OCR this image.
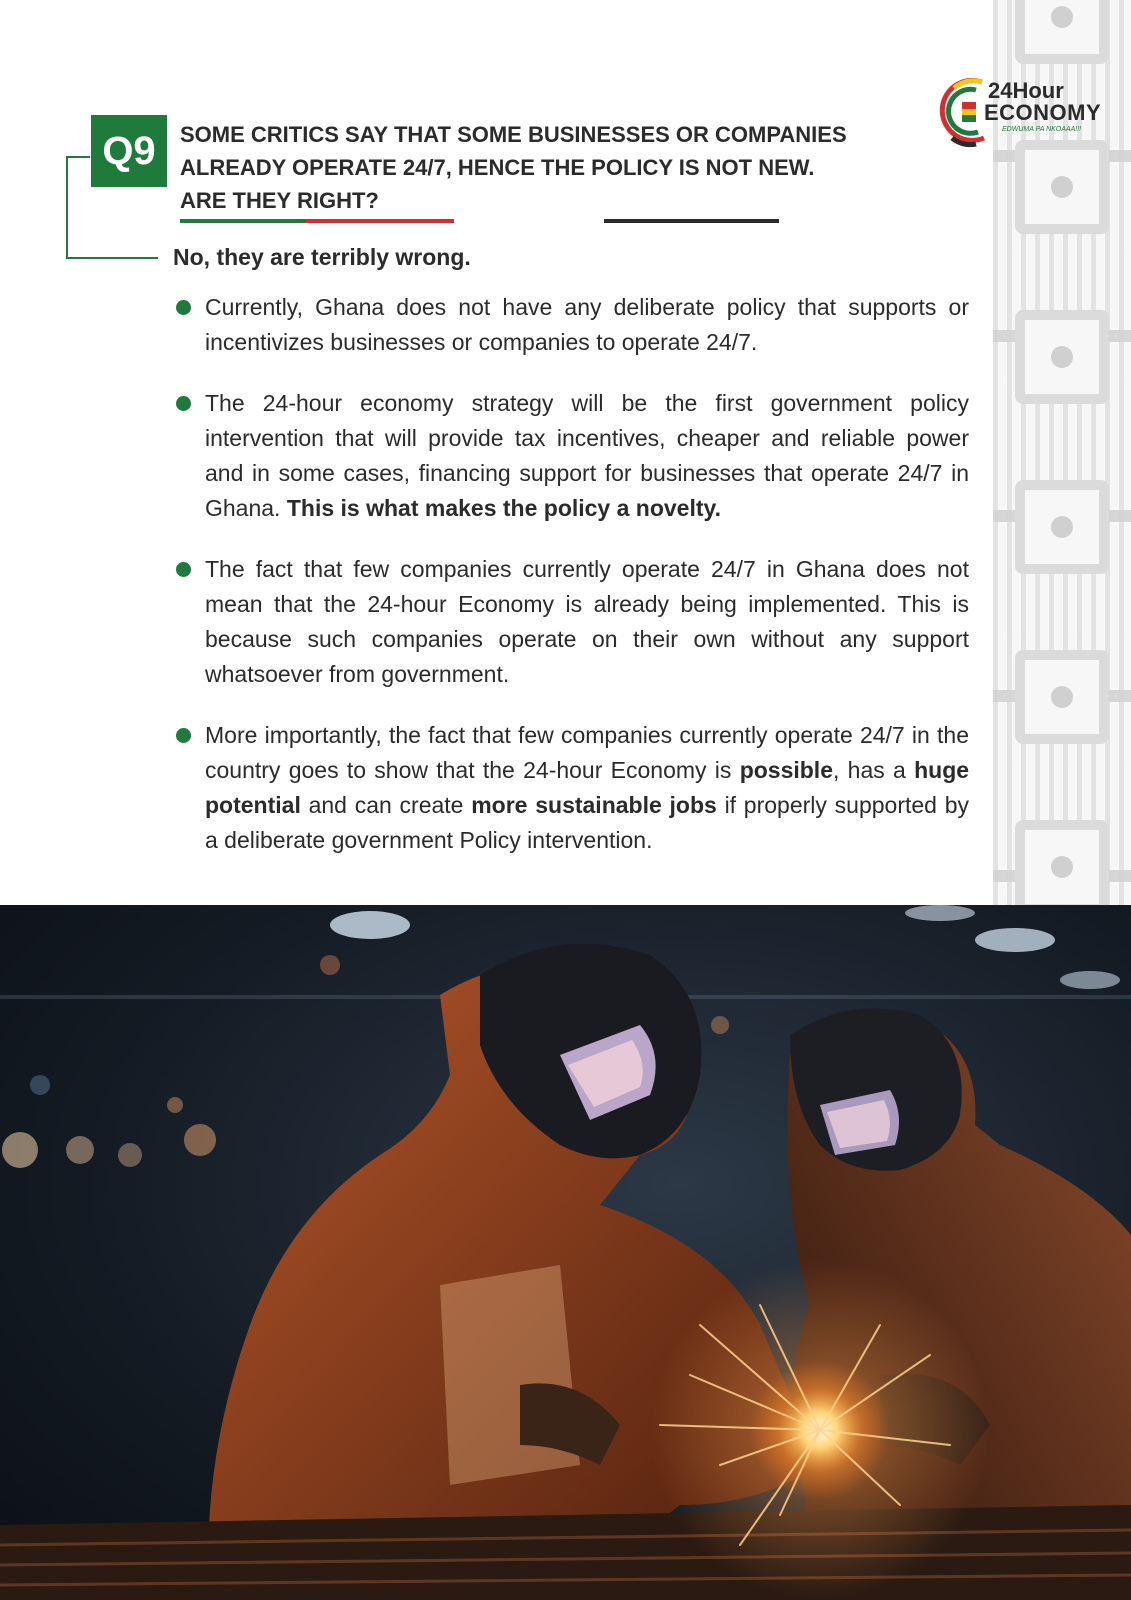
24Hour
ECONOMY
EDWUMA PA NKOAAA!!!
Q9	SOME CRITICS SAY THAT SOME BUSINESSES OR COMPANIES
ALREADY OPERATE 24/7, HENCE THE POLICY IS NOT NEW.
ARE THEY RIGHT?

No, they are terribly wrong.

Currently, Ghana does not have any deliberate policy that supports or incentivizes businesses or companies to operate 24/7.
The 24-hour economy strategy will be the first government policy intervention that will provide tax incentives, cheaper and reliable power and in some cases, financing support for businesses that operate 24/7 in Ghana. This is what makes the policy a novelty.
The fact that few companies currently operate 24/7 in Ghana does not mean that the 24-hour Economy is already being implemented. This is because such companies operate on their own without any support whatsoever from government.
More importantly, the fact that few companies currently operate 24/7 in the country goes to show that the 24-hour Economy is possible, has a huge potential and can create more sustainable jobs if properly supported by a deliberate government Policy intervention.
